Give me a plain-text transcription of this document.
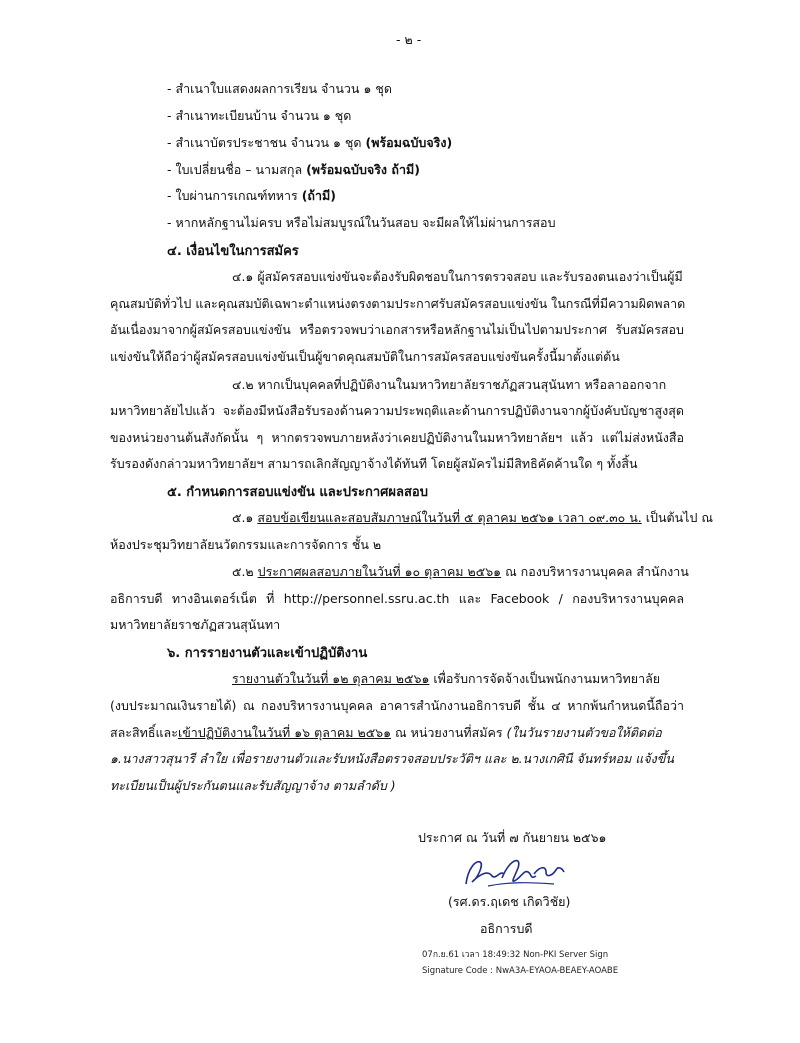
- ๒ -
- สำเนาใบแสดงผลการเรียน จำนวน ๑ ชุด
- สำเนาทะเบียนบ้าน จำนวน ๑ ชุด
- สำเนาบัตรประชาชน จำนวน ๑ ชุด (พร้อมฉบับจริง)
- ใบเปลี่ยนชื่อ – นามสกุล (พร้อมฉบับจริง ถ้ามี)
- ใบผ่านการเกณฑ์ทหาร (ถ้ามี)
- หากหลักฐานไม่ครบ หรือไม่สมบูรณ์ในวันสอบ จะมีผลให้ไม่ผ่านการสอบ
๔. เงื่อนไขในการสมัคร
๔.๑ ผู้สมัครสอบแข่งขันจะต้องรับผิดชอบในการตรวจสอบ และรับรองตนเองว่าเป็นผู้มี
คุณสมบัติทั่วไป และคุณสมบัติเฉพาะตำแหน่งตรงตามประกาศรับสมัครสอบแข่งขัน ในกรณีที่มีความผิดพลาด
อันเนื่องมาจากผู้สมัครสอบแข่งขัน หรือตรวจพบว่าเอกสารหรือหลักฐานไม่เป็นไปตามประกาศ รับสมัครสอบ
แข่งขันให้ถือว่าผู้สมัครสอบแข่งขันเป็นผู้ขาดคุณสมบัติในการสมัครสอบแข่งขันครั้งนี้มาตั้งแต่ต้น
๔.๒ หากเป็นบุคคลที่ปฏิบัติงานในมหาวิทยาลัยราชภัฏสวนสุนันทา หรือลาออกจาก
มหาวิทยาลัยไปแล้ว จะต้องมีหนังสือรับรองด้านความประพฤติและด้านการปฏิบัติงานจากผู้บังคับบัญชาสูงสุด
ของหน่วยงานต้นสังกัดนั้น ๆ หากตรวจพบภายหลังว่าเคยปฏิบัติงานในมหาวิทยาลัยฯ แล้ว แต่ไม่ส่งหนังสือ
รับรองดังกล่าวมหาวิทยาลัยฯ สามารถเลิกสัญญาจ้างได้ทันที โดยผู้สมัครไม่มีสิทธิคัดค้านใด ๆ ทั้งสิ้น
๕. กำหนดการสอบแข่งขัน และประกาศผลสอบ
๕.๑ สอบข้อเขียนและสอบสัมภาษณ์ในวันที่ ๕ ตุลาคม ๒๕๖๑ เวลา ๐๙.๓๐ น. เป็นต้นไป ณ
ห้องประชุมวิทยาลัยนวัตกรรมและการจัดการ ชั้น ๒
๕.๒ ประกาศผลสอบภายในวันที่ ๑๐ ตุลาคม ๒๕๖๑ ณ กองบริหารงานบุคคล สำนักงาน
อธิการบดี ทางอินเตอร์เน็ต ที่ http://personnel.ssru.ac.th และ Facebook / กองบริหารงานบุคคล
มหาวิทยาลัยราชภัฏสวนสุนันทา
๖. การรายงานตัวและเข้าปฏิบัติงาน
รายงานตัวในวันที่ ๑๒ ตุลาคม ๒๕๖๑ เพื่อรับการจัดจ้างเป็นพนักงานมหาวิทยาลัย
(งบประมาณเงินรายได้) ณ กองบริหารงานบุคคล อาคารสำนักงานอธิการบดี ชั้น ๔ หากพ้นกำหนดนี้ถือว่า
สละสิทธิ์และเข้าปฏิบัติงานในวันที่ ๑๖ ตุลาคม ๒๕๖๑ ณ หน่วยงานที่สมัคร (ในวันรายงานตัวขอให้ติดต่อ
๑.นางสาวสุนารี ลำใย เพื่อรายงานตัวและรับหนังสือตรวจสอบประวัติฯ และ ๒.นางเกศินี จันทร์หอม แจ้งขึ้น
ทะเบียนเป็นผู้ประกันตนและรับสัญญาจ้าง ตามลำดับ )
ประกาศ ณ วันที่ ๗ กันยายน ๒๕๖๑
(รศ.ดร.ฤเดช เกิดวิชัย)
อธิการบดี
07ก.ย.61 เวลา 18:49:32 Non-PKI Server Sign
Signature Code : NwA3A-EYAOA-BEAEY-AOABE
